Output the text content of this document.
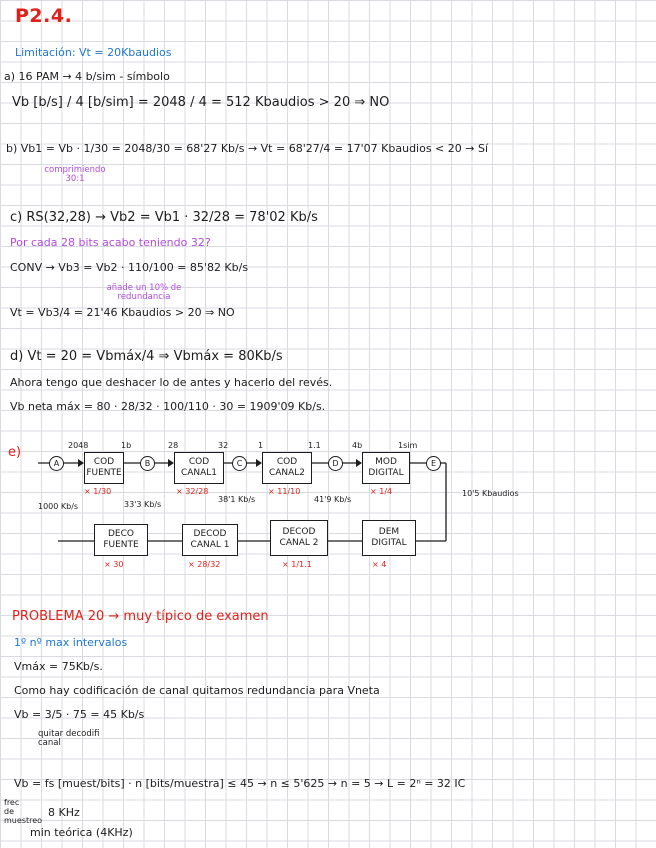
P2.4.
Limitación: Vt = 20Kbaudios
a) 16 PAM → 4 b/sim - símbolo
Vb [b/s] / 4 [b/sim] = 2048 / 4 = 512 Kbaudios > 20 ⇒ NO
b) Vb1 = Vb · 1/30 = 2048/30 = 68'27 Kb/s → Vt = 68'27/4 = 17'07 Kbaudios < 20 → Sí
comprimiendo 30:1
c) RS(32,28) → Vb2 = Vb1 · 32/28 = 78'02 Kb/s
Por cada 28 bits acabo teniendo 32?
CONV → Vb3 = Vb2 · 110/100 = 85'82 Kb/s
añade un 10% de redundancia
Vt = Vb3/4 = 21'46 Kbaudios > 20 ⇒ NO
d) Vt = 20 = Vbmáx/4 ⇒ Vbmáx = 80Kb/s
Ahora tengo que deshacer lo de antes y hacerlo del revés.
Vb neta máx = 80 · 28/32 · 100/110 · 30 = 1909'09 Kb/s.
e)
A	B	C	D	E
COD FUENTE
COD CANAL1
COD CANAL2
MOD DIGITAL
2048	1b	28	32	1	1.1	4b	1sim
× 1/30	× 32/28	× 11/10	× 1/4
1000 Kb/s	33'3 Kb/s
38'1 Kb/s	41'9 Kb/s
10'5 Kbaudios
DECO FUENTE
DECOD CANAL 1
DECOD CANAL 2
DEM DIGITAL
× 30	× 28/32	× 1/1.1	× 4
PROBLEMA 20 → muy típico de examen
1º nº max intervalos
Vmáx = 75Kb/s.
Como hay codificación de canal quitamos redundancia para Vneta
Vb = 3/5 · 75 = 45 Kb/s
quitar decodifi canal
Vb = fs [muest/bits] · n [bits/muestra] ≤ 45 → n ≤ 5'625 → n = 5 → L = 2ⁿ = 32 IC
frec de muestreo
8 KHz
min teórica (4KHz)
